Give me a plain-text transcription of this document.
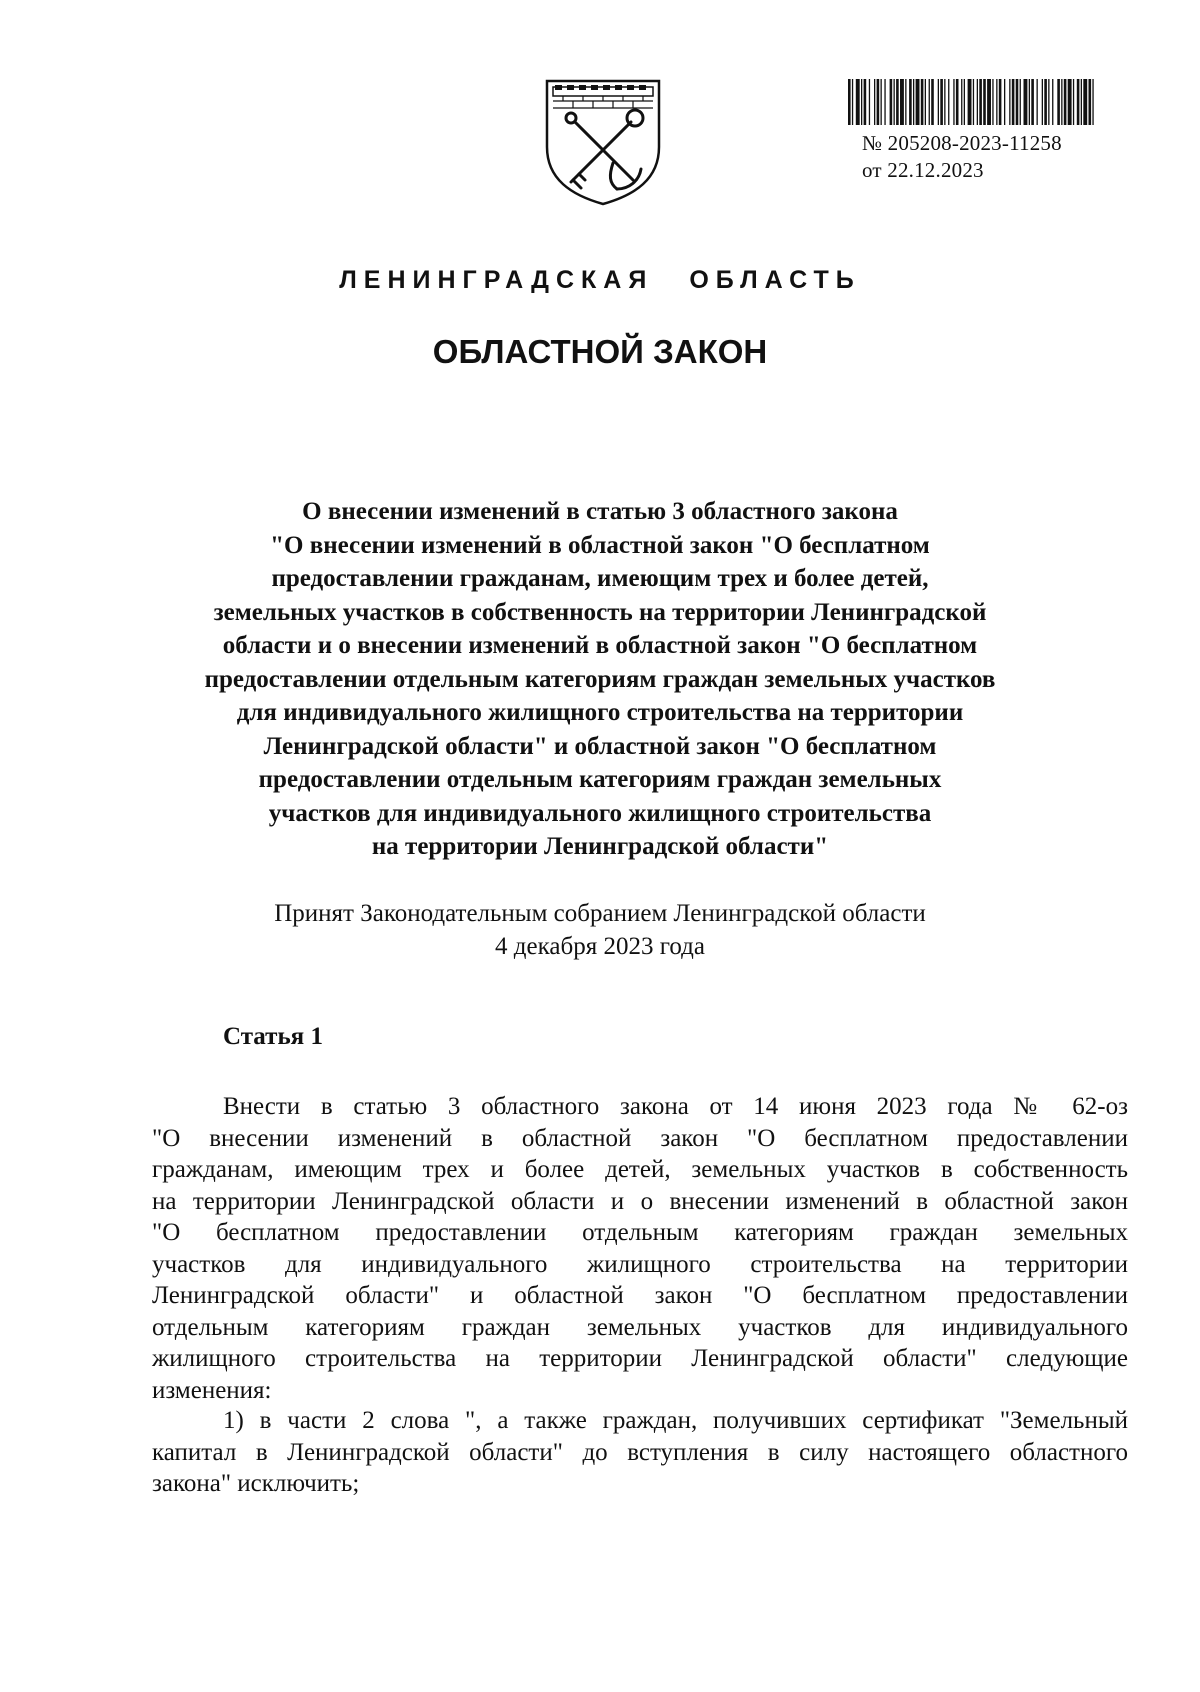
№ 205208-2023-11258
от 22.12.2023
ЛЕНИНГРАДСКАЯ ОБЛАСТЬ
ОБЛАСТНОЙ ЗАКОН
О внесении изменений в статью 3 областного закона
"О внесении изменений в областной закон "О бесплатном
предоставлении гражданам, имеющим трех и более детей,
земельных участков в собственность на территории Ленинградской
области и о внесении изменений в областной закон "О бесплатном
предоставлении отдельным категориям граждан земельных участков
для индивидуального жилищного строительства на территории
Ленинградской области" и областной закон "О бесплатном
предоставлении отдельным категориям граждан земельных
участков для индивидуального жилищного строительства
на территории Ленинградской области"
Принят Законодательным собранием Ленинградской области
4 декабря 2023 года
Статья 1
Внести в статью 3 областного закона от 14 июня 2023 года № 62-оз
"О внесении изменений в областной закон "О бесплатном предоставлении
гражданам, имеющим трех и более детей, земельных участков в собственность
на территории Ленинградской области и о внесении изменений в областной закон
"О бесплатном предоставлении отдельным категориям граждан земельных
участков для индивидуального жилищного строительства на территории
Ленинградской области" и областной закон "О бесплатном предоставлении
отдельным категориям граждан земельных участков для индивидуального
жилищного строительства на территории Ленинградской области" следующие
изменения:
1) в части 2 слова ", а также граждан, получивших сертификат "Земельный
капитал в Ленинградской области" до вступления в силу настоящего областного
закона" исключить;
